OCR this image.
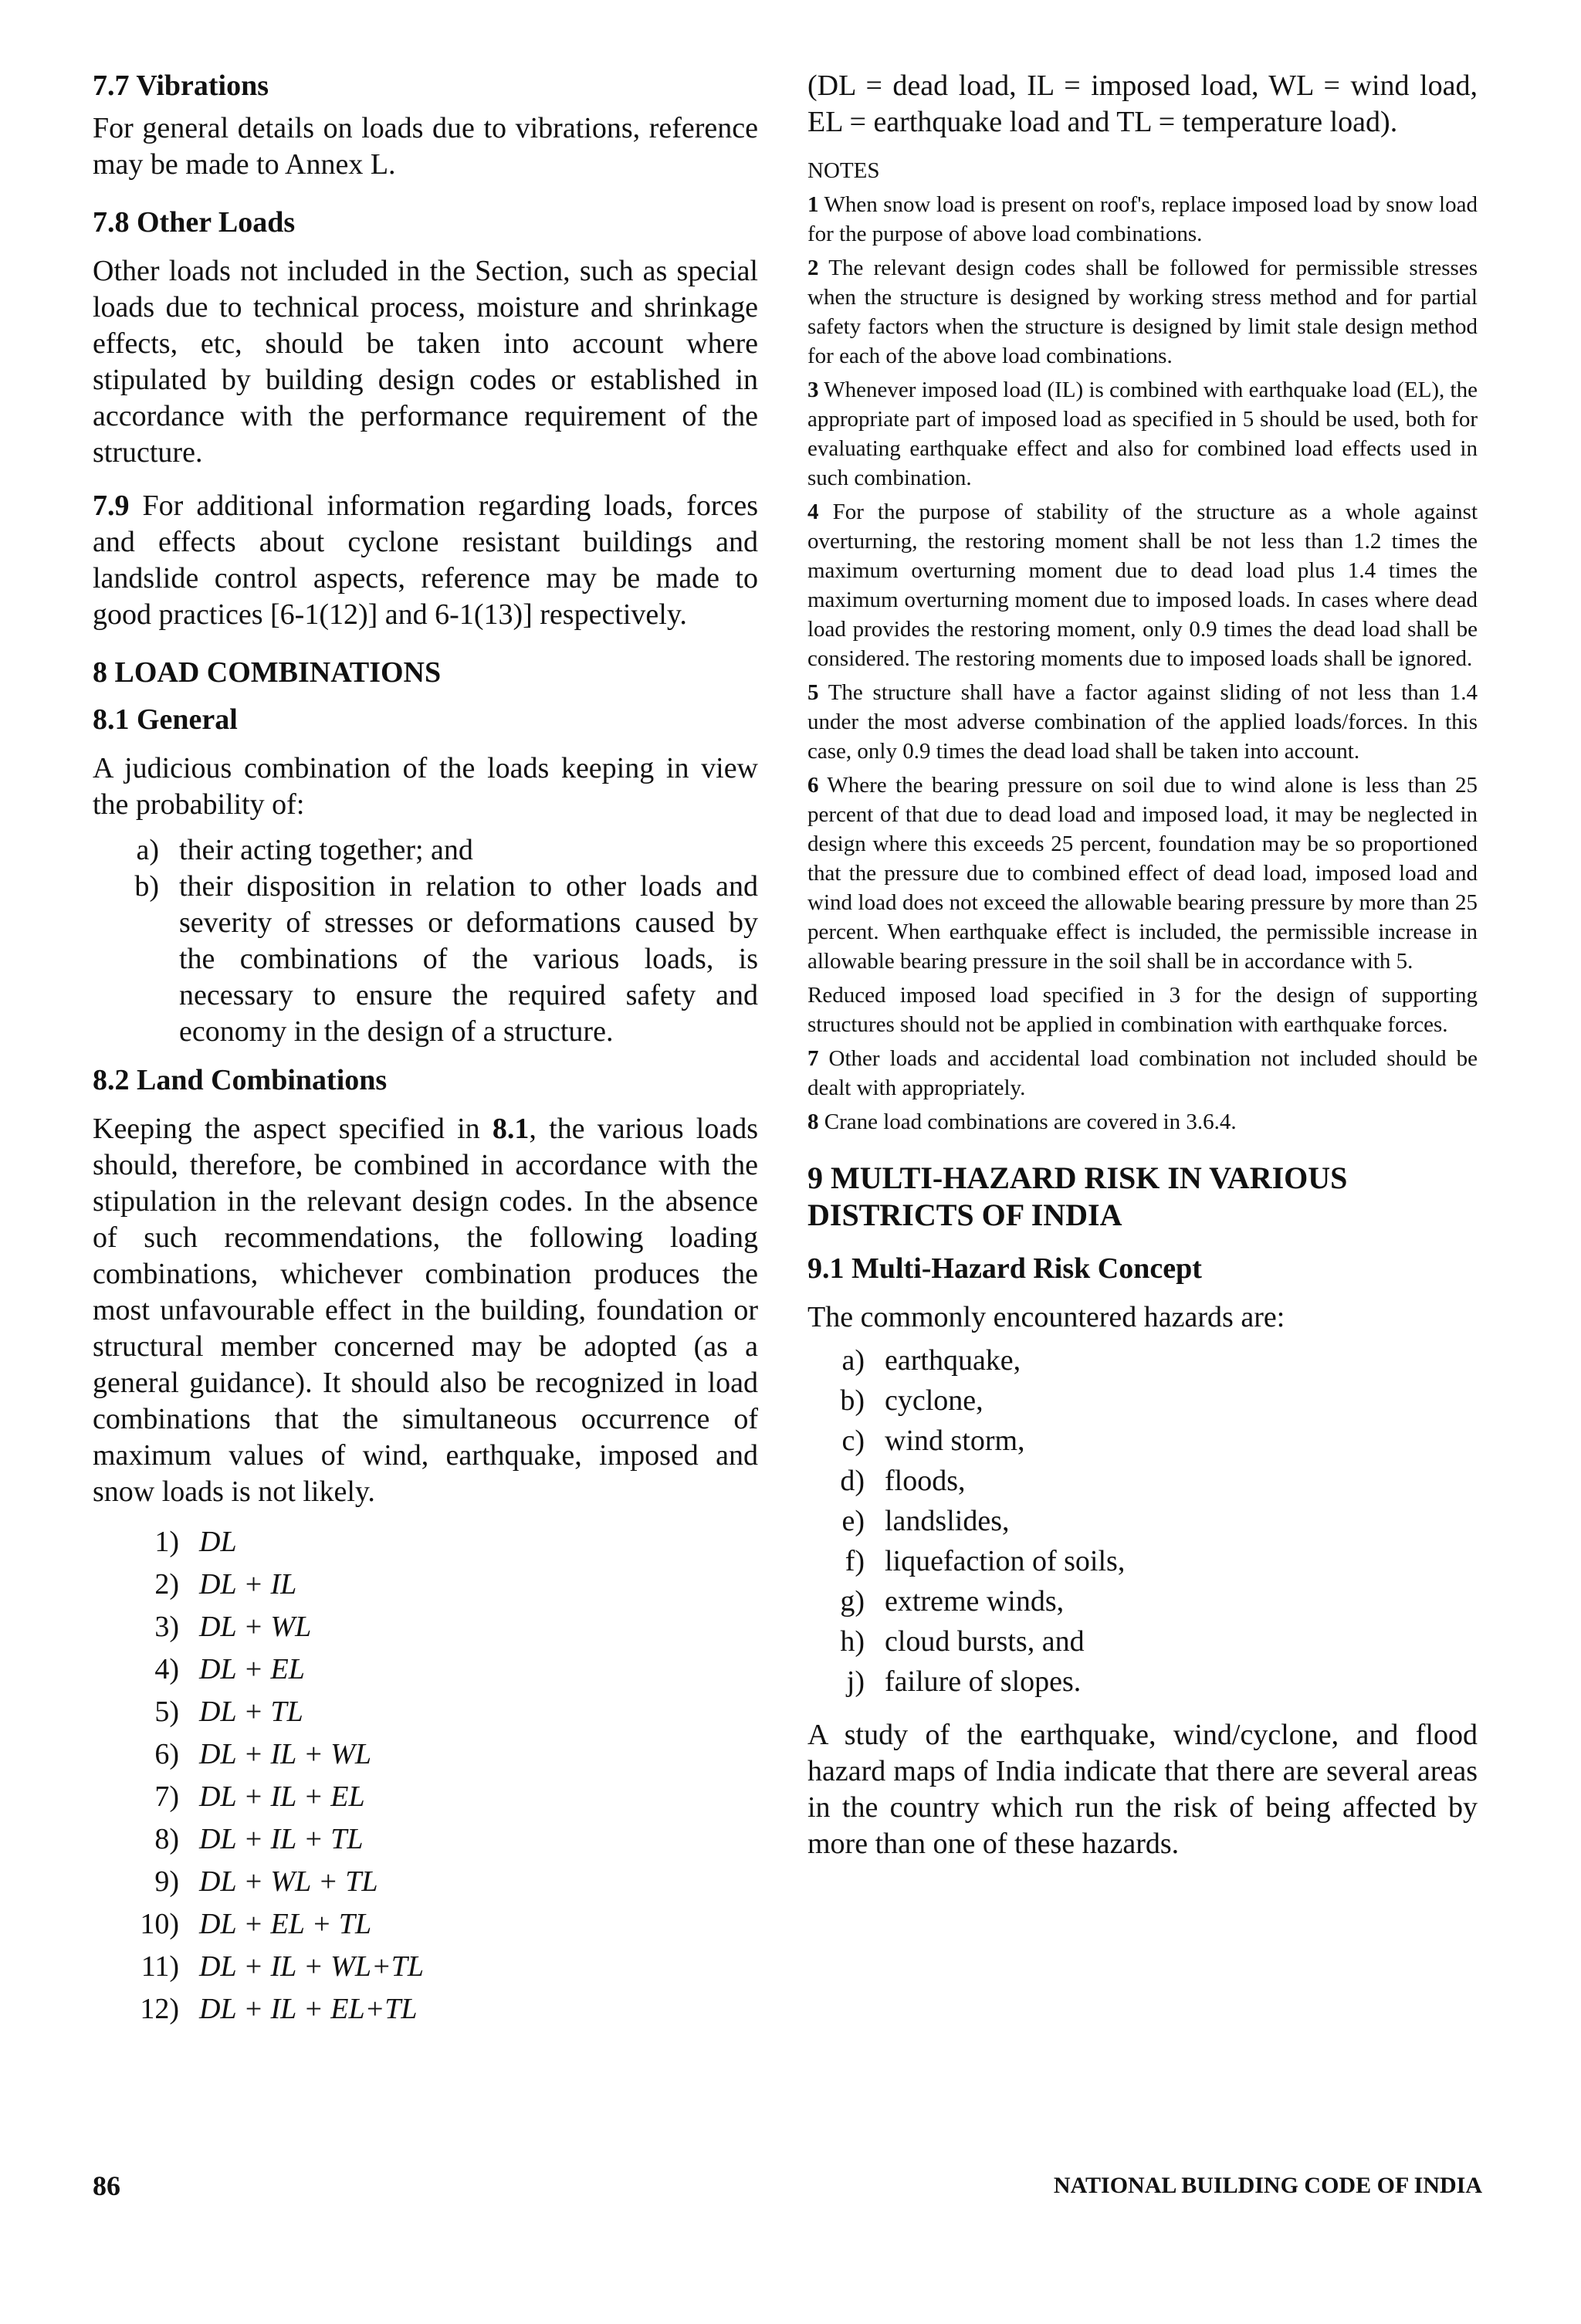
7.7 Vibrations

For general details on loads due to vibrations, reference may be made to Annex L.

7.8 Other Loads

Other loads not included in the Section, such as special loads due to technical process, moisture and shrinkage effects, etc, should be taken into account where stipulated by building design codes or established in accordance with the performance requirement of the structure.

7.9 For additional information regarding loads, forces and effects about cyclone resistant buildings and landslide control aspects, reference may be made to good practices [6-1(12)] and 6-1(13)] respectively.

8 LOAD COMBINATIONS

8.1 General

A judicious combination of the loads keeping in view the probability of:

a) their acting together; and
b) their disposition in relation to other loads and severity of stresses or deformations caused by the combinations of the various loads, is necessary to ensure the required safety and economy in the design of a structure.

8.2 Land Combinations

Keeping the aspect specified in 8.1, the various loads should, therefore, be combined in accordance with the stipulation in the relevant design codes. In the absence of such recommendations, the following loading combinations, whichever combination produces the most unfavourable effect in the building, foundation or structural member concerned may be adopted (as a general guidance). It should also be recognized in load combinations that the simultaneous occurrence of maximum values of wind, earthquake, imposed and snow loads is not likely.

1) DL
2) DL + IL
3) DL + WL
4) DL + EL
5) DL + TL
6) DL + IL + WL
7) DL + IL + EL
8) DL + IL + TL
9) DL + WL + TL
10) DL + EL + TL
11) DL + IL + WL+TL
12) DL + IL + EL+TL

(DL = dead load, IL = imposed load, WL = wind load, EL = earthquake load and TL = temperature load).

NOTES

1 When snow load is present on roof's, replace imposed load by snow load for the purpose of above load combinations.

2 The relevant design codes shall be followed for permissible stresses when the structure is designed by working stress method and for partial safety factors when the structure is designed by limit stale design method for each of the above load combinations.

3 Whenever imposed load (IL) is combined with earthquake load (EL), the appropriate part of imposed load as specified in 5 should be used, both for evaluating earthquake effect and also for combined load effects used in such combination.

4 For the purpose of stability of the structure as a whole against overturning, the restoring moment shall be not less than 1.2 times the maximum overturning moment due to dead load plus 1.4 times the maximum overturning moment due to imposed loads. In cases where dead load provides the restoring moment, only 0.9 times the dead load shall be considered. The restoring moments due to imposed loads shall be ignored.

5 The structure shall have a factor against sliding of not less than 1.4 under the most adverse combination of the applied loads/forces. In this case, only 0.9 times the dead load shall be taken into account.

6 Where the bearing pressure on soil due to wind alone is less than 25 percent of that due to dead load and imposed load, it may be neglected in design where this exceeds 25 percent, foundation may be so proportioned that the pressure due to combined effect of dead load, imposed load and wind load does not exceed the allowable bearing pressure by more than 25 percent. When earthquake effect is included, the permissible increase in allowable bearing pressure in the soil shall be in accordance with 5.

Reduced imposed load specified in 3 for the design of supporting structures should not be applied in combination with earthquake forces.

7 Other loads and accidental load combination not included should be dealt with appropriately.

8 Crane load combinations are covered in 3.6.4.

9 MULTI-HAZARD RISK IN VARIOUS DISTRICTS OF INDIA

9.1 Multi-Hazard Risk Concept

The commonly encountered hazards are:

a) earthquake,
b) cyclone,
c) wind storm,
d) floods,
e) landslides,
f) liquefaction of soils,
g) extreme winds,
h) cloud bursts, and
j) failure of slopes.

A study of the earthquake, wind/cyclone, and flood hazard maps of India indicate that there are several areas in the country which run the risk of being affected by more than one of these hazards.

86	NATIONAL BUILDING CODE OF INDIA
